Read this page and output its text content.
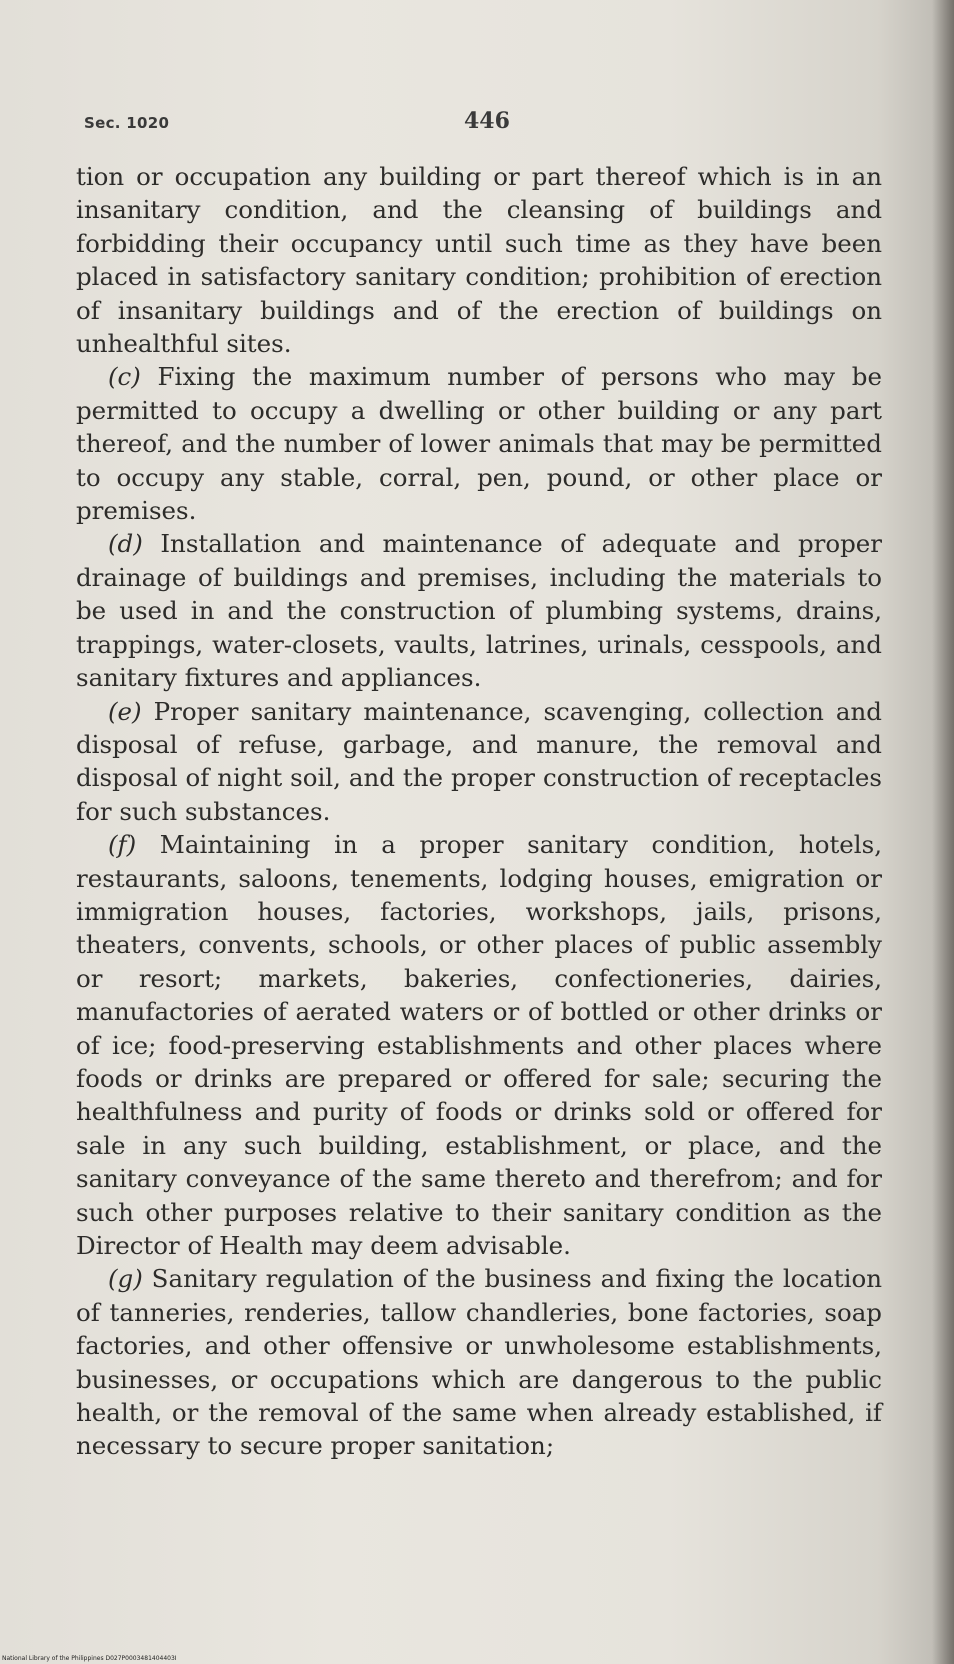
Sec. 1020	446

tion or occupation any building or part thereof which is in an insanitary condition, and the cleansing of buildings and forbidding their occupancy until such time as they have been placed in satisfactory sanitary condition; prohibition of erection of insanitary buildings and of the erection of buildings on unhealthful sites.

(c) Fixing the maximum number of persons who may be permitted to occupy a dwelling or other building or any part thereof, and the number of lower animals that may be permitted to occupy any stable, corral, pen, pound, or other place or premises.

(d) Installation and maintenance of adequate and proper drainage of buildings and premises, including the materials to be used in and the construction of plumbing systems, drains, trappings, water-closets, vaults, latrines, urinals, cesspools, and sanitary fixtures and appliances.

(e) Proper sanitary maintenance, scavenging, collection and disposal of refuse, garbage, and manure, the removal and disposal of night soil, and the proper construction of receptacles for such substances.

(f) Maintaining in a proper sanitary condition, hotels, restaurants, saloons, tenements, lodging houses, emigration or immigration houses, factories, workshops, jails, prisons, theaters, convents, schools, or other places of public assembly or resort; markets, bakeries, confectioneries, dairies, manufactories of aerated waters or of bottled or other drinks or of ice; food-preserving establishments and other places where foods or drinks are prepared or offered for sale; securing the healthfulness and purity of foods or drinks sold or offered for sale in any such building, establishment, or place, and the sanitary conveyance of the same thereto and therefrom; and for such other purposes relative to their sanitary condition as the Director of Health may deem advisable.

(g) Sanitary regulation of the business and fixing the location of tanneries, renderies, tallow chandleries, bone factories, soap factories, and other offensive or unwholesome establishments, businesses, or occupations which are dangerous to the public health, or the removal of the same when already established, if necessary to secure proper sanitation;

National Library of the Philippines D027P0003481404403I
